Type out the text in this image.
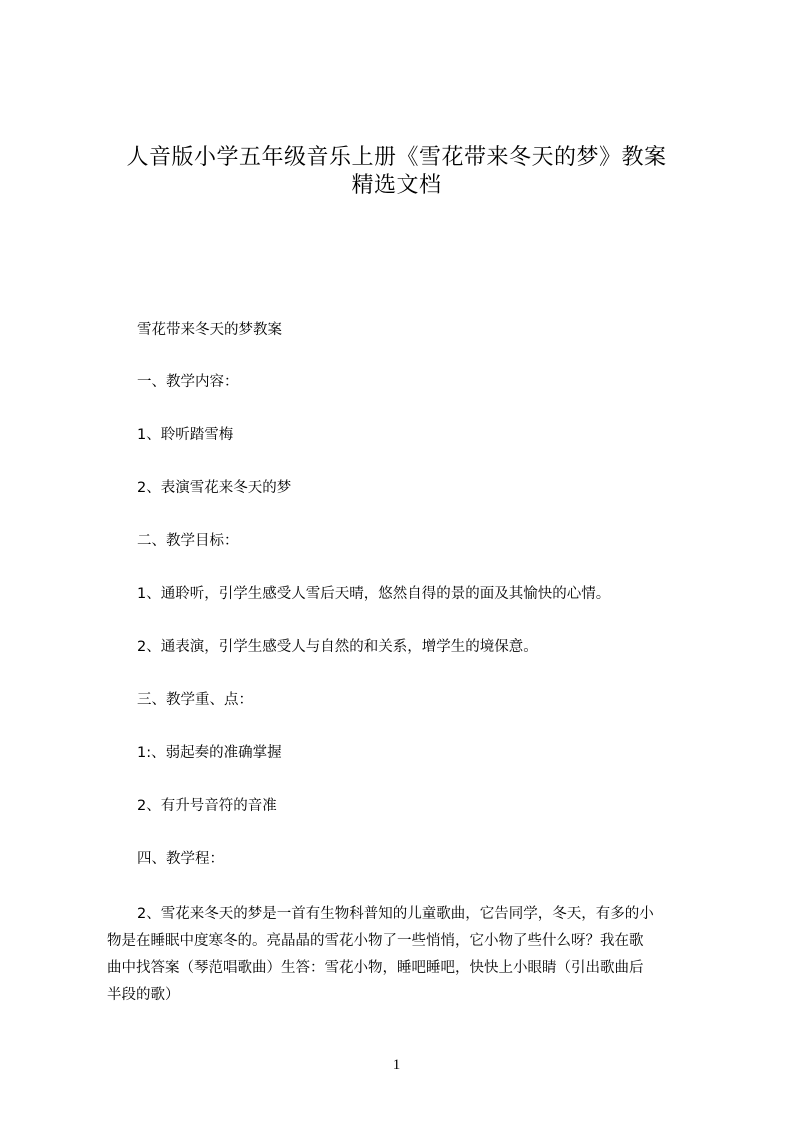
人音版小学五年级音乐上册《雪花带来冬天的梦》教案
精选文档
雪花带来冬天的梦教案
一、教学内容：
1、聆听踏雪梅
2、表演雪花来冬天的梦
二、教学目标：
1、通聆听，引学生感受人雪后天晴，悠然自得的景的面及其愉快的心情。
2、通表演，引学生感受人与自然的和关系，增学生的境保意。
三、教学重、点：
1:、弱起奏的准确掌握
2、有升号音符的音准
四、教学程：
2、雪花来冬天的梦是一首有生物科普知的儿童歌曲，它告同学，冬天，有多的小
物是在睡眠中度寒冬的。亮晶晶的雪花小物了一些悄悄，它小物了些什么呀？我在歌
曲中找答案（琴范唱歌曲）生答：雪花小物，睡吧睡吧，快快上小眼睛（引出歌曲后
半段的歌）
1
